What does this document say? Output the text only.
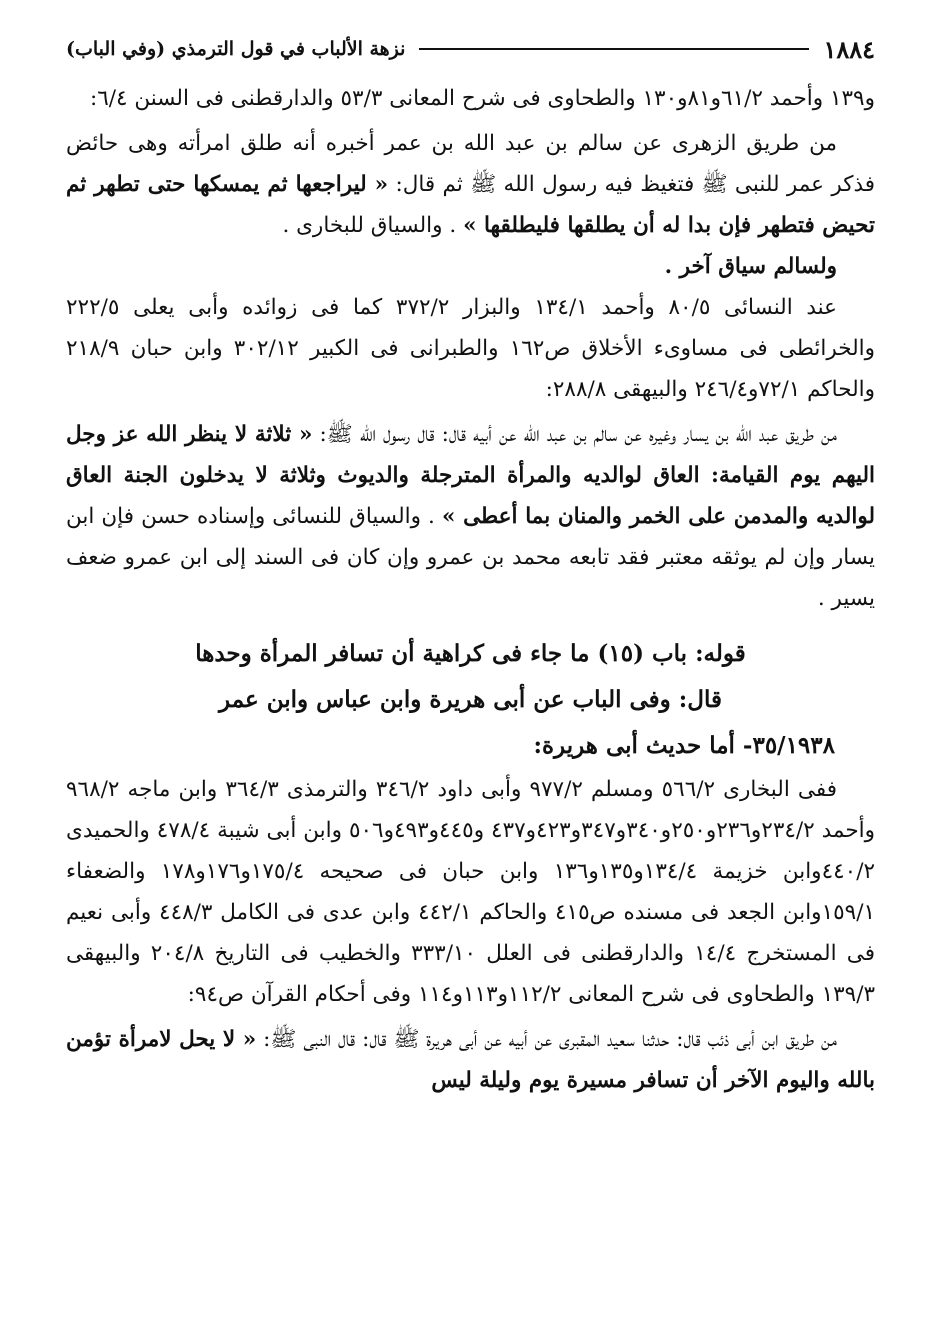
١٨٨٤
نزهة الألباب في قول الترمذي (وفي الباب)

و١٣٩ وأحمد ٦١/٢و٨١و١٣٠ والطحاوى فى شرح المعانى ٥٣/٣ والدارقطنى فى السنن ٦/٤:

من طريق الزهرى عن سالم بن عبد الله بن عمر أخبره أنه طلق امرأته وهى حائض فذكر عمر للنبى ﷺ فتغيظ فيه رسول الله ﷺ ثم قال: « ليراجعها ثم يمسكها حتى تطهر ثم تحيض فتطهر فإن بدا له أن يطلقها فليطلقها » . والسياق للبخارى .

ولسالم سياق آخر .

عند النسائى ٨٠/٥ وأحمد ١٣٤/١ والبزار ٣٧٢/٢ كما فى زوائده وأبى يعلى ٢٢٢/٥ والخرائطى فى مساوىء الأخلاق ص١٦٢ والطبرانى فى الكبير ٣٠٢/١٢ وابن حبان ٢١٨/٩ والحاكم ٧٢/١و٢٤٦/٤ والبيهقى ٢٨٨/٨:

من طريق عبد الله بن يسار وغيره عن سالم بن عبد الله عن أبيه قال: قال رسول الله ﷺ: « ثلاثة لا ينظر الله عز وجل اليهم يوم القيامة: العاق لوالديه والمرأة المترجلة والديوث وثلاثة لا يدخلون الجنة العاق لوالديه والمدمن على الخمر والمنان بما أعطى » . والسياق للنسائى وإسناده حسن فإن ابن يسار وإن لم يوثقه معتبر فقد تابعه محمد بن عمرو وإن كان فى السند إلى ابن عمرو ضعف يسير .

قوله: باب (١٥) ما جاء فى كراهية أن تسافر المرأة وحدها
قال: وفى الباب عن أبى هريرة وابن عباس وابن عمر
٣٥/١٩٣٨- أما حديث أبى هريرة:

ففى البخارى ٥٦٦/٢ ومسلم ٩٧٧/٢ وأبى داود ٣٤٦/٢ والترمذى ٣٦٤/٣ وابن ماجه ٩٦٨/٢ وأحمد ٢٣٤/٢و٢٣٦و٢٥٠و٣٤٠و٣٤٧و٤٢٣و٤٣٧ و٤٤٥و٤٩٣و٥٠٦ وابن أبى شيبة ٤٧٨/٤ والحميدى ٤٤٠/٢وابن خزيمة ١٣٤/٤و١٣٥و١٣٦ وابن حبان فى صحيحه ١٧٥/٤و١٧٦و١٧٨ والضعفاء ١٥٩/١وابن الجعد فى مسنده ص٤١٥ والحاكم ٤٤٢/١ وابن عدى فى الكامل ٤٤٨/٣ وأبى نعيم فى المستخرج ١٤/٤ والدارقطنى فى العلل ٣٣٣/١٠ والخطيب فى التاريخ ٢٠٤/٨ والبيهقى ١٣٩/٣ والطحاوى فى شرح المعانى ١١٢/٢و١١٣و١١٤ وفى أحكام القرآن ص٩٤:

من طريق ابن أبى ذئب قال: حدثنا سعيد المقبرى عن أبيه عن أبى هريرة ﷺ قال: قال النبى ﷺ: « لا يحل لامرأة تؤمن بالله واليوم الآخر أن تسافر مسيرة يوم وليلة ليس
